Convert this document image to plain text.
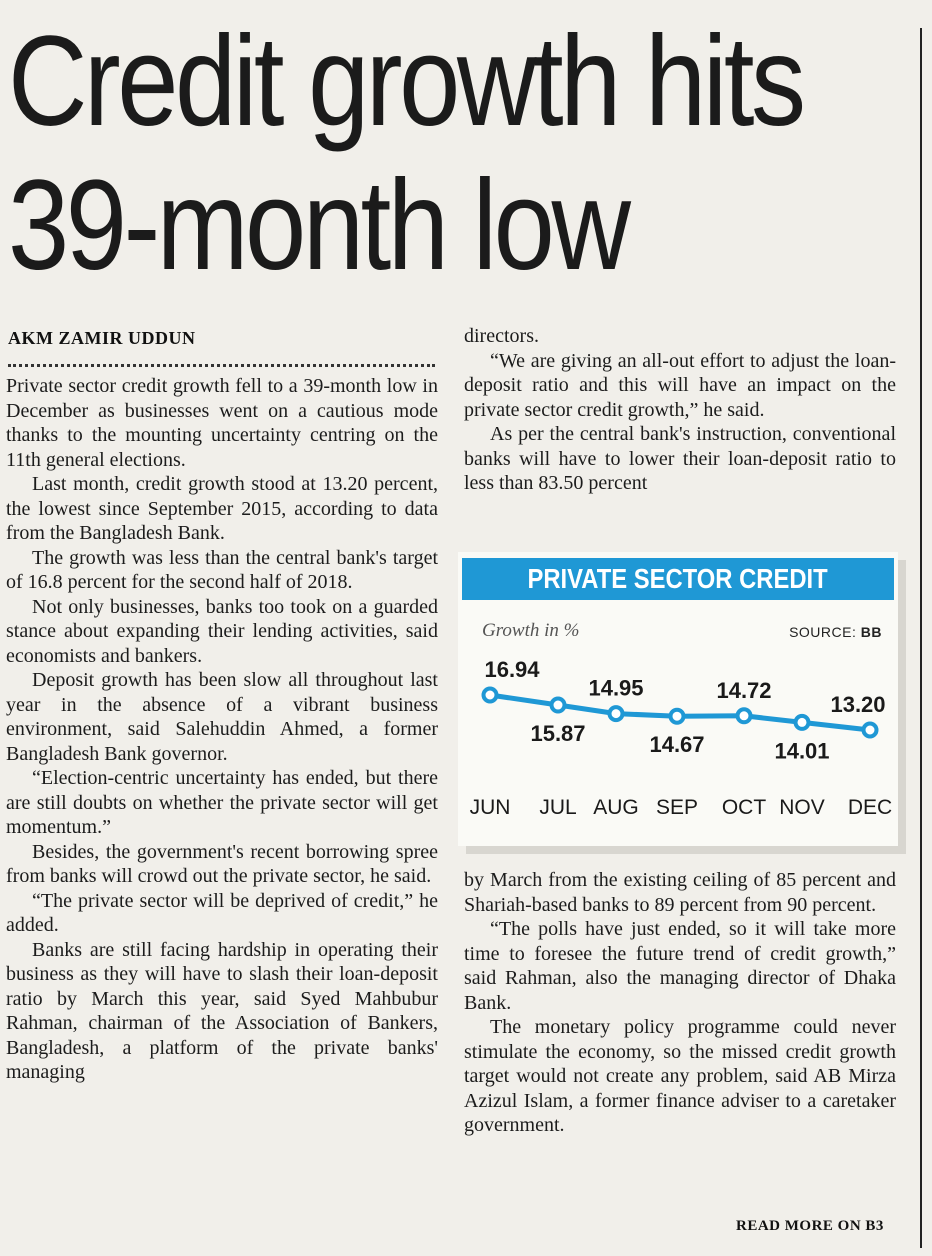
Credit growth hits
39-month low

AKM ZAMIR UDDUN

Private sector credit growth fell to a 39-month low in December as businesses went on a cautious mode thanks to the mounting uncertainty centring on the 11th general elections.

Last month, credit growth stood at 13.20 percent, the lowest since September 2015, according to data from the Bangladesh Bank.

The growth was less than the central bank's target of 16.8 percent for the second half of 2018.

Not only businesses, banks too took on a guarded stance about expanding their lending activities, said economists and bankers.

Deposit growth has been slow all throughout last year in the absence of a vibrant business environment, said Salehuddin Ahmed, a former Bangladesh Bank governor.

“Election-centric uncertainty has ended, but there are still doubts on whether the private sector will get momentum.”

Besides, the government's recent borrowing spree from banks will crowd out the private sector, he said.

“The private sector will be deprived of credit,” he added.

Banks are still facing hardship in operating their business as they will have to slash their loan-deposit ratio by March this year, said Syed Mahbubur Rahman, chairman of the Association of Bankers, Bangladesh, a platform of the private banks' managing

directors.

“We are giving an all-out effort to adjust the loan-deposit ratio and this will have an impact on the private sector credit growth,” he said.

As per the central bank's instruction, conventional banks will have to lower their loan-deposit ratio to less than 83.50 percent

by March from the existing ceiling of 85 percent and Shariah-based banks to 89 percent from 90 percent.

“The polls have just ended, so it will take more time to foresee the future trend of credit growth,” said Rahman, also the managing director of Dhaka Bank.

The monetary policy programme could never stimulate the economy, so the missed credit growth target would not create any problem, said AB Mirza Azizul Islam, a former finance adviser to a caretaker government.

PRIVATE SECTOR CREDIT

Growth in %	SOURCE: BB

16.94
JUN
15.87
JUL
14.95
AUG
14.67
SEP
14.72
OCT
14.01
NOV
13.20
DEC

READ MORE ON B3
